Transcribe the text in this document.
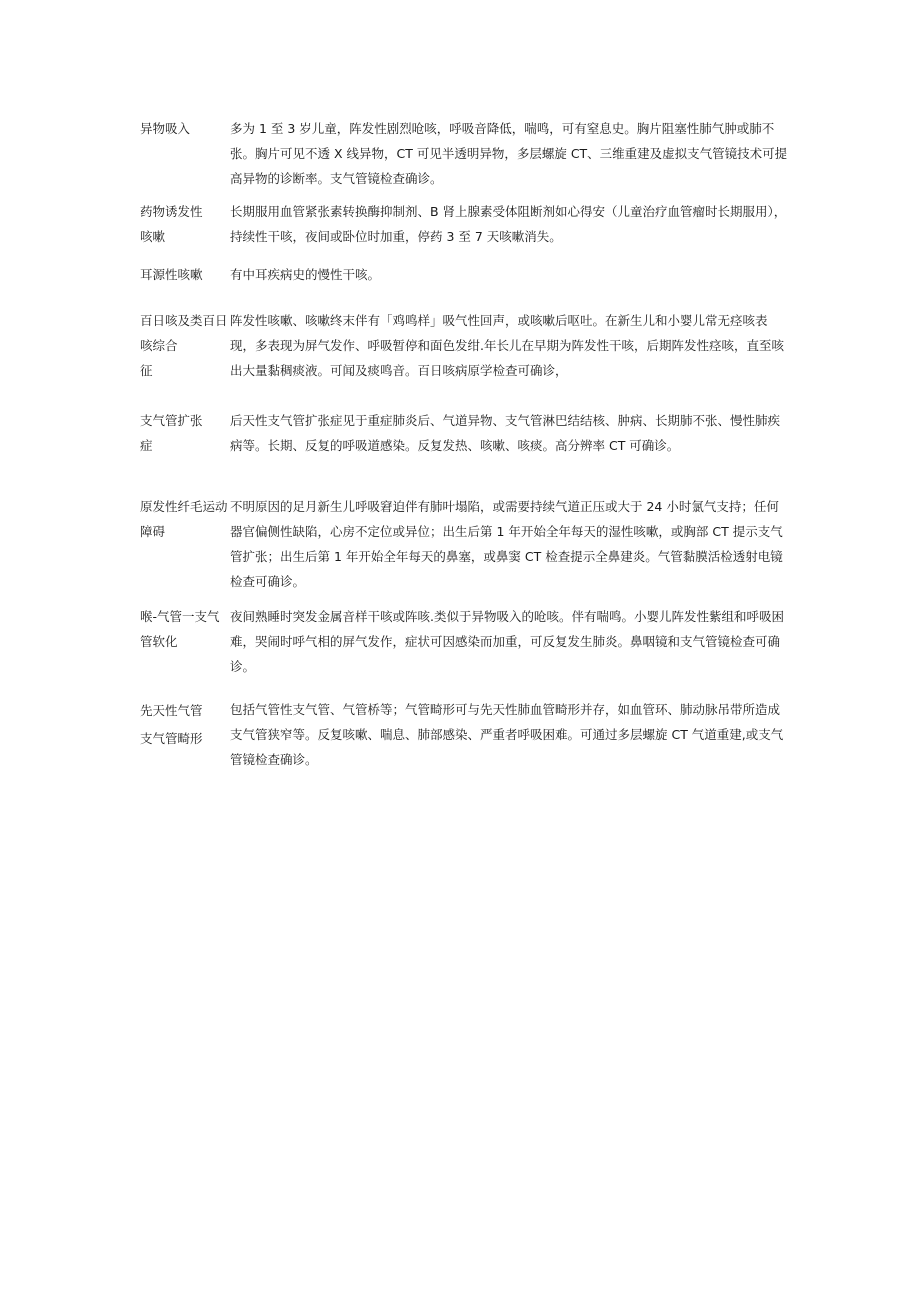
异物吸入	多为 1 至 3 岁儿童，阵发性剧烈呛咳，呼吸音降低，喘鸣，可有窒息史。胸片阻塞性肺气肿或肺不张。胸片可见不透 X 线异物，CT 可见半透明异物，多层螺旋 CT、三维重建及虚拟支气管镜技术可提高异物的诊断率。支气管镜检查确诊。
药物诱发性
咳嗽
长期服用血管紧张素转换酶抑制剂、B 肾上腺素受体阻断剂如心得安（儿童治疗血管瘤时长期服用），持续性干咳，夜间或卧位时加重，停药 3 至 7 天咳嗽消失。
耳源性咳嗽	有中耳疾病史的慢性干咳。
百日咳及类百日咳综合
征
阵发性咳嗽、咳嗽终末伴有「鸡鸣样」吸气性回声，或咳嗽后呕吐。在新生儿和小婴儿常无痉咳表现，多表现为屏气发作、呼吸暂停和面色发绀.年长儿在早期为阵发性干咳，后期阵发性痉咳，直至咳出大量黏稠痰液。可闻及痰鸣音。百日咳病原学检查可确诊，
支气管扩张
症
后天性支气管扩张症见于重症肺炎后、气道异物、支气管淋巴结结核、肿病、长期肺不张、慢性肺疾病等。长期、反复的呼吸道感染。反复发热、咳嗽、咳痰。高分辨率 CT 可确诊。
原发性纤毛运动
障碍
不明原因的足月新生儿呼吸窘迫伴有肺叶塌陷，或需要持续气道正压或大于 24 小时氯气支持；任何器官偏侧性缺陷，心房不定位或异位；出生后第 1 年开始全年每天的湿性咳嗽，或胸部 CT 提示支气管扩张；出生后第 1 年开始全年每天的鼻塞，或鼻窦 CT 检查提示全鼻建炎。气管黏膜活检透射电镜检查可确诊。
喉-气管一支气
管软化
夜间熟睡时突发金属音样干咳或阵咳.类似于异物吸入的呛咳。伴有喘鸣。小婴儿阵发性紫组和呼吸困难，哭闹时呼气相的屏气发作，症状可因感染而加重，可反复发生肺炎。鼻咽镜和支气管镜检查可确诊。
先天性气管
支气管畸形
包括气管性支气管、气管桥等；气管畸形可与先天性肺血管畸形并存，如血管环、肺动脉吊带所造成支气管狭窄等。反复咳嗽、喘息、肺部感染、严重者呼吸困难。可通过多层螺旋 CT 气道重建,或支气管镜检查确诊。
